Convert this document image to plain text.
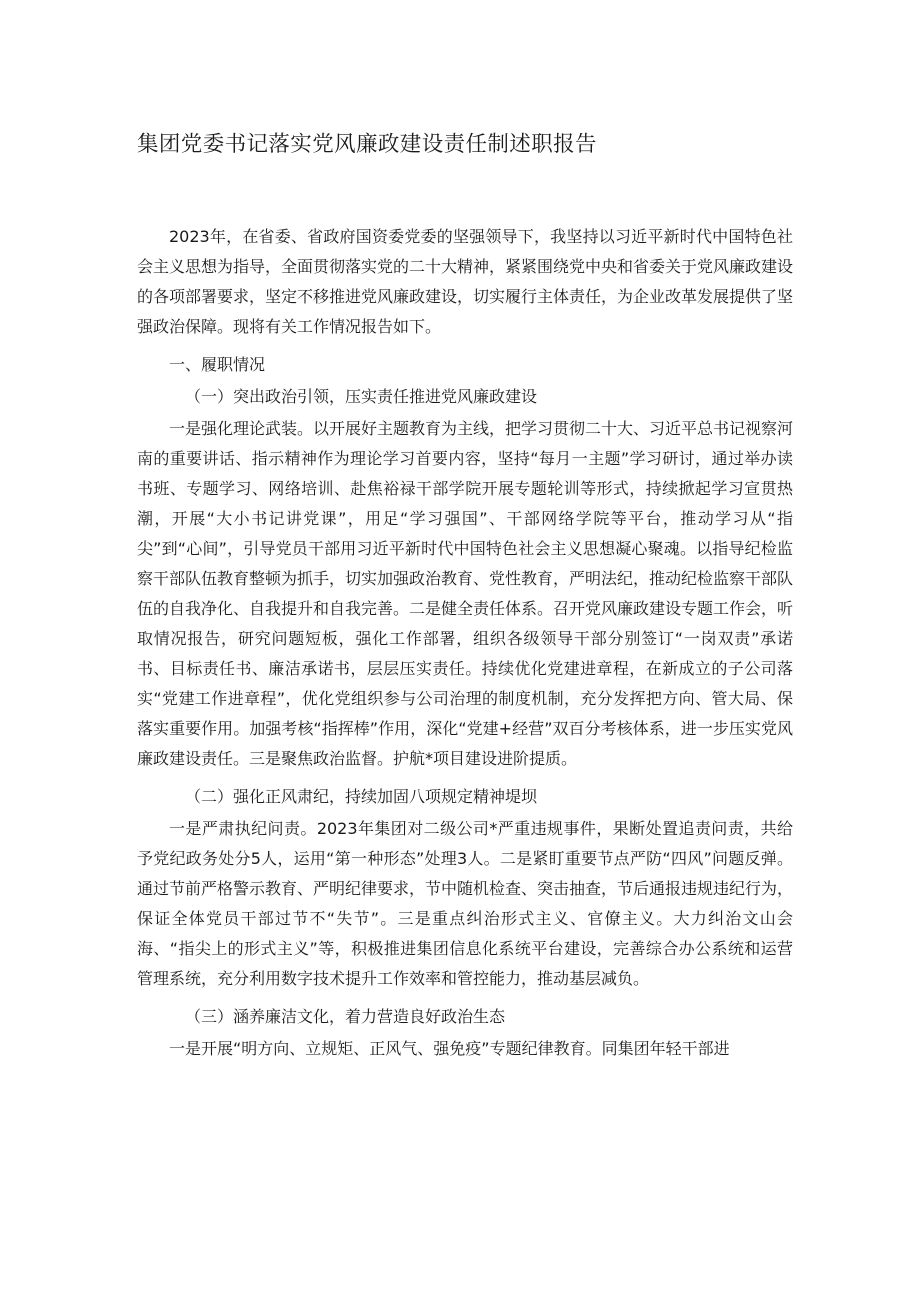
集团党委书记落实党风廉政建设责任制述职报告

2023年，在省委、省政府国资委党委的坚强领导下，我坚持以习近平新时代中国特色社会主义思想为指导，全面贯彻落实党的二十大精神，紧紧围绕党中央和省委关于党风廉政建设的各项部署要求，坚定不移推进党风廉政建设，切实履行主体责任，为企业改革发展提供了坚强政治保障。现将有关工作情况报告如下。

一、履职情况

（一）突出政治引领，压实责任推进党风廉政建设

一是强化理论武装。以开展好主题教育为主线，把学习贯彻二十大、习近平总书记视察河南的重要讲话、指示精神作为理论学习首要内容，坚持“每月一主题”学习研讨，通过举办读书班、专题学习、网络培训、赴焦裕禄干部学院开展专题轮训等形式，持续掀起学习宣贯热潮，开展“大小书记讲党课”，用足“学习强国”、干部网络学院等平台，推动学习从“指尖”到“心间”，引导党员干部用习近平新时代中国特色社会主义思想凝心聚魂。以指导纪检监察干部队伍教育整顿为抓手，切实加强政治教育、党性教育，严明法纪，推动纪检监察干部队伍的自我净化、自我提升和自我完善。二是健全责任体系。召开党风廉政建设专题工作会，听取情况报告，研究问题短板，强化工作部署，组织各级领导干部分别签订“一岗双责”承诺书、目标责任书、廉洁承诺书，层层压实责任。持续优化党建进章程，在新成立的子公司落实“党建工作进章程”，优化党组织参与公司治理的制度机制，充分发挥把方向、管大局、保落实重要作用。加强考核“指挥棒”作用，深化“党建+经营”双百分考核体系，进一步压实党风廉政建设责任。三是聚焦政治监督。护航*项目建设进阶提质。

（二）强化正风肃纪，持续加固八项规定精神堤坝

一是严肃执纪问责。2023年集团对二级公司*严重违规事件，果断处置追责问责，共给予党纪政务处分5人，运用“第一种形态”处理3人。二是紧盯重要节点严防“四风”问题反弹。通过节前严格警示教育、严明纪律要求，节中随机检查、突击抽查，节后通报违规违纪行为，保证全体党员干部过节不“失节”。三是重点纠治形式主义、官僚主义。大力纠治文山会海、“指尖上的形式主义”等，积极推进集团信息化系统平台建设，完善综合办公系统和运营管理系统，充分利用数字技术提升工作效率和管控能力，推动基层减负。

（三）涵养廉洁文化，着力营造良好政治生态

一是开展“明方向、立规矩、正风气、强免疫”专题纪律教育。同集团年轻干部进
